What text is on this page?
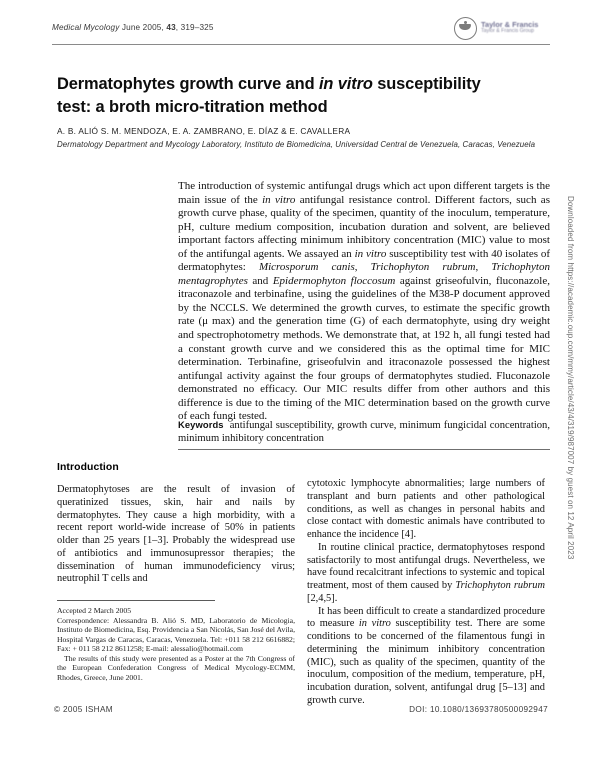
Medical Mycology June 2005, 43, 319–325	Taylor & Francis
Taylor & Francis Group
Dermatophytes growth curve and in vitro susceptibility
test: a broth micro-titration method
A. B. ALIÓ S. M. MENDOZA, E. A. ZAMBRANO, E. DÍAZ & E. CAVALLERA
Dermatology Department and Mycology Laboratory, Instituto de Biomedicina, Universidad Central de Venezuela, Caracas, Venezuela
The introduction of systemic antifungal drugs which act upon different targets is the main issue of the in vitro antifungal resistance control. Different factors, such as growth curve phase, quality of the specimen, quantity of the inoculum, temperature, pH, culture medium composition, incubation duration and solvent, are believed important factors affecting minimum inhibitory concentration (MIC) value to most of the antifungal agents. We assayed an in vitro susceptibility test with 40 isolates of dermatophytes: Microsporum canis, Trichophyton rubrum, Trichophyton mentagrophytes and Epidermophyton floccosum against griseofulvin, fluconazole, itraconazole and terbinafine, using the guidelines of the M38-P document approved by the NCCLS. We determined the growth curves, to estimate the specific growth rate (μ max) and the generation time (G) of each dermatophyte, using dry weight and spectrophotometry methods. We demonstrate that, at 192 h, all fungi tested had a constant growth curve and we considered this as the optimal time for MIC determination. Terbinafine, griseofulvin and itraconazole possessed the highest antifungal activity against the four groups of dermatophytes studied. Fluconazole demonstrated no efficacy. Our MIC results differ from other authors and this difference is due to the timing of the MIC determination based on the growth curve of each fungi tested.
Keywords antifungal susceptibility, growth curve, minimum fungicidal concentration, minimum inhibitory concentration
Introduction

Dermatophytoses are the result of invasion of queratinized tissues, skin, hair and nails by dermatophytes. They cause a high morbidity, with a recent report world-wide increase of 50% in patients older than 25 years [1–3]. Probably the widespread use of antibiotics and immunosupressor therapies; the dissemination of human immunodeficiency virus; neutrophil T cells and

cytotoxic lymphocyte abnormalities; large numbers of transplant and burn patients and other pathological conditions, as well as changes in personal habits and close contact with domestic animals have contributed to enhance the incidence [4].

In routine clinical practice, dermatophytoses respond satisfactorily to most antifungal drugs. Nevertheless, we have found recalcitrant infections to systemic and topical treatment, most of them caused by Trichophyton rubrum [2,4,5].

It has been difficult to create a standardized procedure to measure in vitro susceptibility test. There are some conditions to be concerned of the filamentous fungi in determining the minimum inhibitory concentration (MIC), such as quality of the specimen, quantity of the inoculum, composition of the medium, temperature, pH, incubation duration, solvent, antifungal drug [5–13] and growth curve.

Accepted 2 March 2005

Correspondence: Alessandra B. Alió S. MD, Laboratorio de Micologia, Instituto de Biomedicina, Esq. Providencia a San Nicolás, San José del Avila, Hospital Vargas de Caracas, Caracas, Venezuela. Tel: +011 58 212 6616882; Fax: + 011 58 212 8611258; E-mail: alessalio@hotmail.com

The results of this study were presented as a Poster at the 7th Congress of the European Confederation Congress of Medical Mycology-ECMM, Rhodes, Greece, June 2001.

© 2005 ISHAM	DOI: 10.1080/13693780500092947
Downloaded from https://academic.oup.com/mmy/article/43/4/319/987007 by guest on 12 April 2023
